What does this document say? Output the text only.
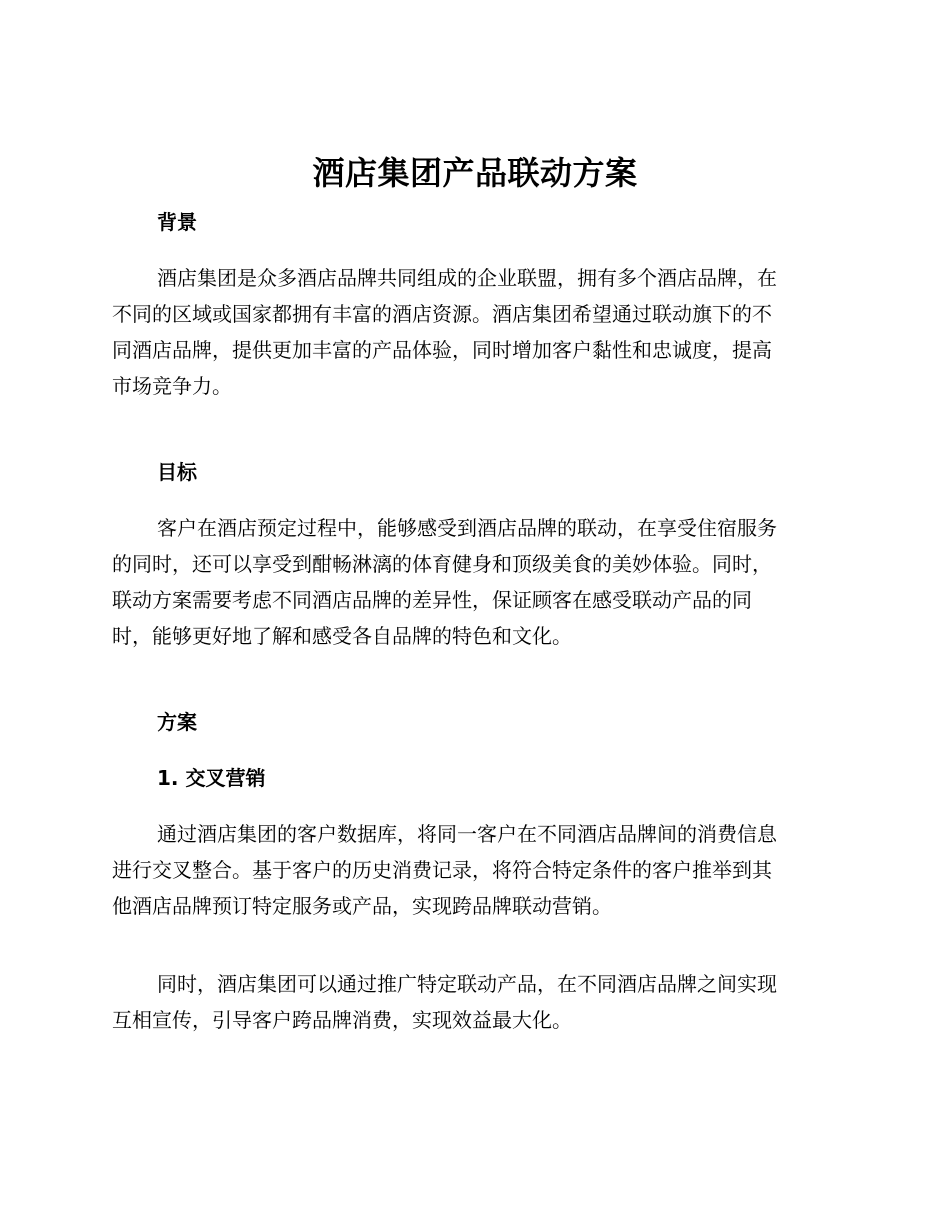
酒店集团产品联动方案
背景
酒店集团是众多酒店品牌共同组成的企业联盟，拥有多个酒店品牌，在
不同的区域或国家都拥有丰富的酒店资源。酒店集团希望通过联动旗下的不
同酒店品牌，提供更加丰富的产品体验，同时增加客户黏性和忠诚度，提高
市场竞争力。
目标
客户在酒店预定过程中，能够感受到酒店品牌的联动，在享受住宿服务
的同时，还可以享受到酣畅淋漓的体育健身和顶级美食的美妙体验。同时，
联动方案需要考虑不同酒店品牌的差异性，保证顾客在感受联动产品的同
时，能够更好地了解和感受各自品牌的特色和文化。
方案
1. 交叉营销
通过酒店集团的客户数据库，将同一客户在不同酒店品牌间的消费信息
进行交叉整合。基于客户的历史消费记录，将符合特定条件的客户推举到其
他酒店品牌预订特定服务或产品，实现跨品牌联动营销。
同时，酒店集团可以通过推广特定联动产品，在不同酒店品牌之间实现
互相宣传，引导客户跨品牌消费，实现效益最大化。
